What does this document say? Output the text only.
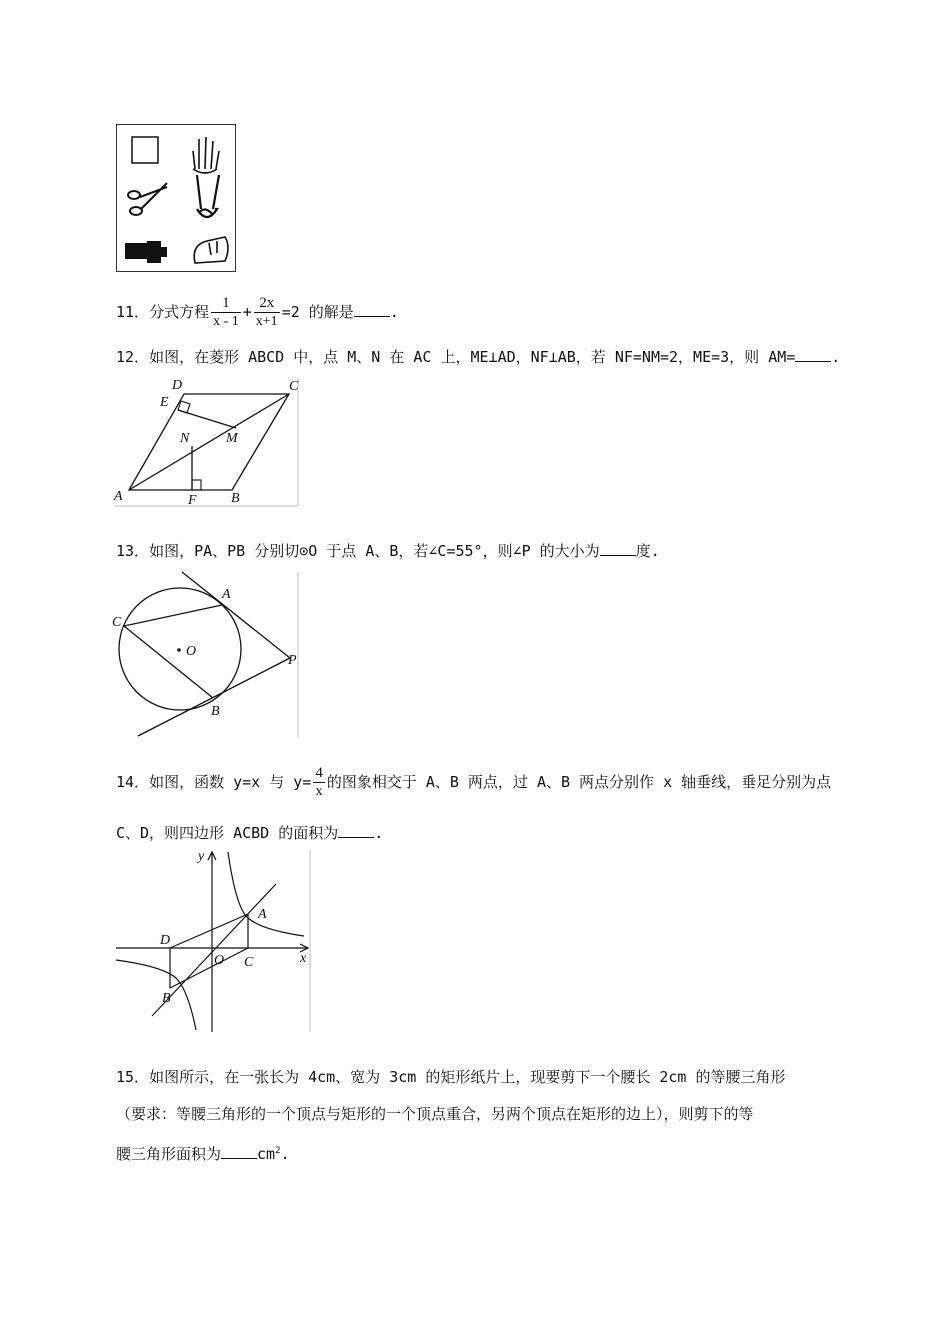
11．分式方程 $\frac{1}{x - 1} + \frac{2x}{x+1} =2$ 的解是 .
12．如图，在菱形 ABCD 中，点 M、N 在 AC 上，ME⊥AD，NF⊥AB，若 NF=NM=2，ME=3，则 AM= .
A	B
C
D
E
F
M
N
13．如图，PA、PB 分别切⊙O 于点 A、B，若∠C=55°，则∠P 的大小为 度.
A
B
C
O
P
14．如图，函数 y=x 与 $y= \frac{4}{x}$ 的图象相交于 A、B 两点，过 A、B 两点分别作 x 轴垂线，垂足分别为点
C、D，则四边形 ACBD 的面积为 .
A
B
C
D
O	x
y
15．如图所示，在一张长为 4cm、宽为 3cm 的矩形纸片上，现要剪下一个腰长 2cm 的等腰三角形
（要求：等腰三角形的一个顶点与矩形的一个顶点重合，另两个顶点在矩形的边上），则剪下的等
腰三角形面积为 $cm^2$.
